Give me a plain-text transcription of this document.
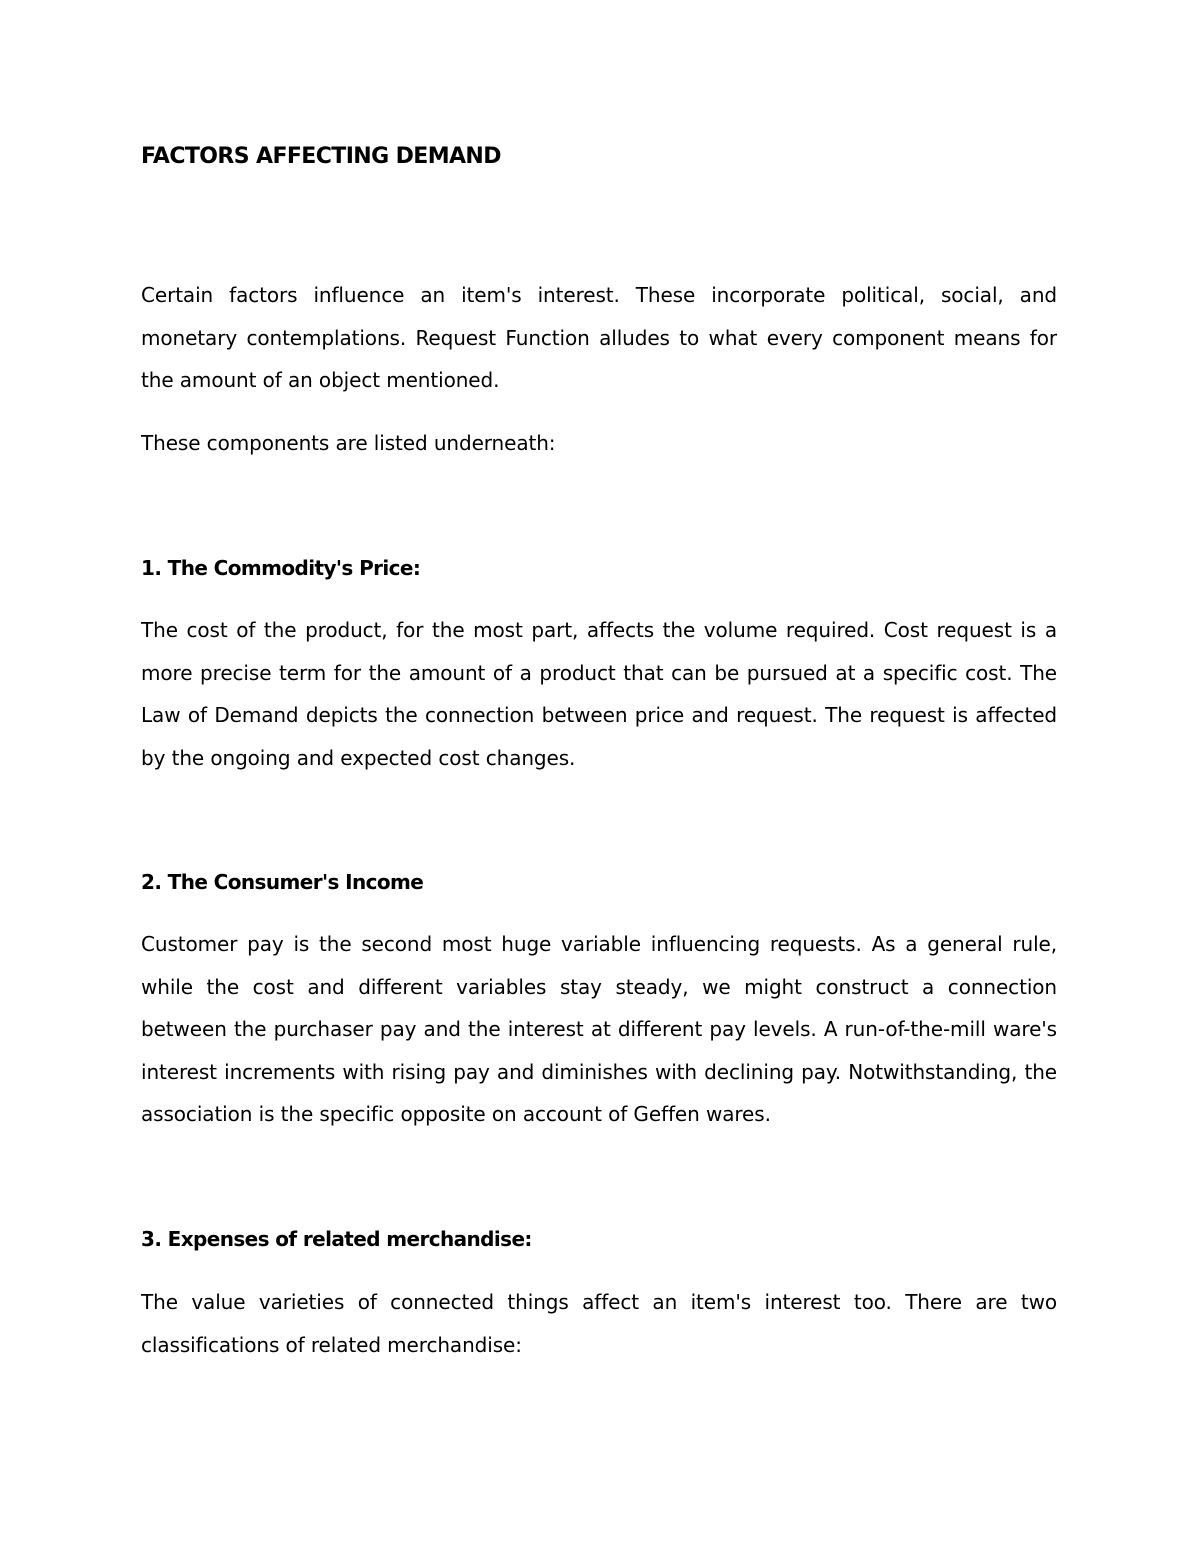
FACTORS AFFECTING DEMAND

Certain factors influence an item's interest. These incorporate political, social, and monetary contemplations. Request Function alludes to what every component means for the amount of an object mentioned.

These components are listed underneath:

1. The Commodity's Price:

The cost of the product, for the most part, affects the volume required. Cost request is a more precise term for the amount of a product that can be pursued at a specific cost. The Law of Demand depicts the connection between price and request. The request is affected by the ongoing and expected cost changes.

2. The Consumer's Income

Customer pay is the second most huge variable influencing requests. As a general rule, while the cost and different variables stay steady, we might construct a connection between the purchaser pay and the interest at different pay levels. A run-of-the-mill ware's interest increments with rising pay and diminishes with declining pay. Notwithstanding, the association is the specific opposite on account of Geffen wares.

3. Expenses of related merchandise:

The value varieties of connected things affect an item's interest too. There are two classifications of related merchandise:
